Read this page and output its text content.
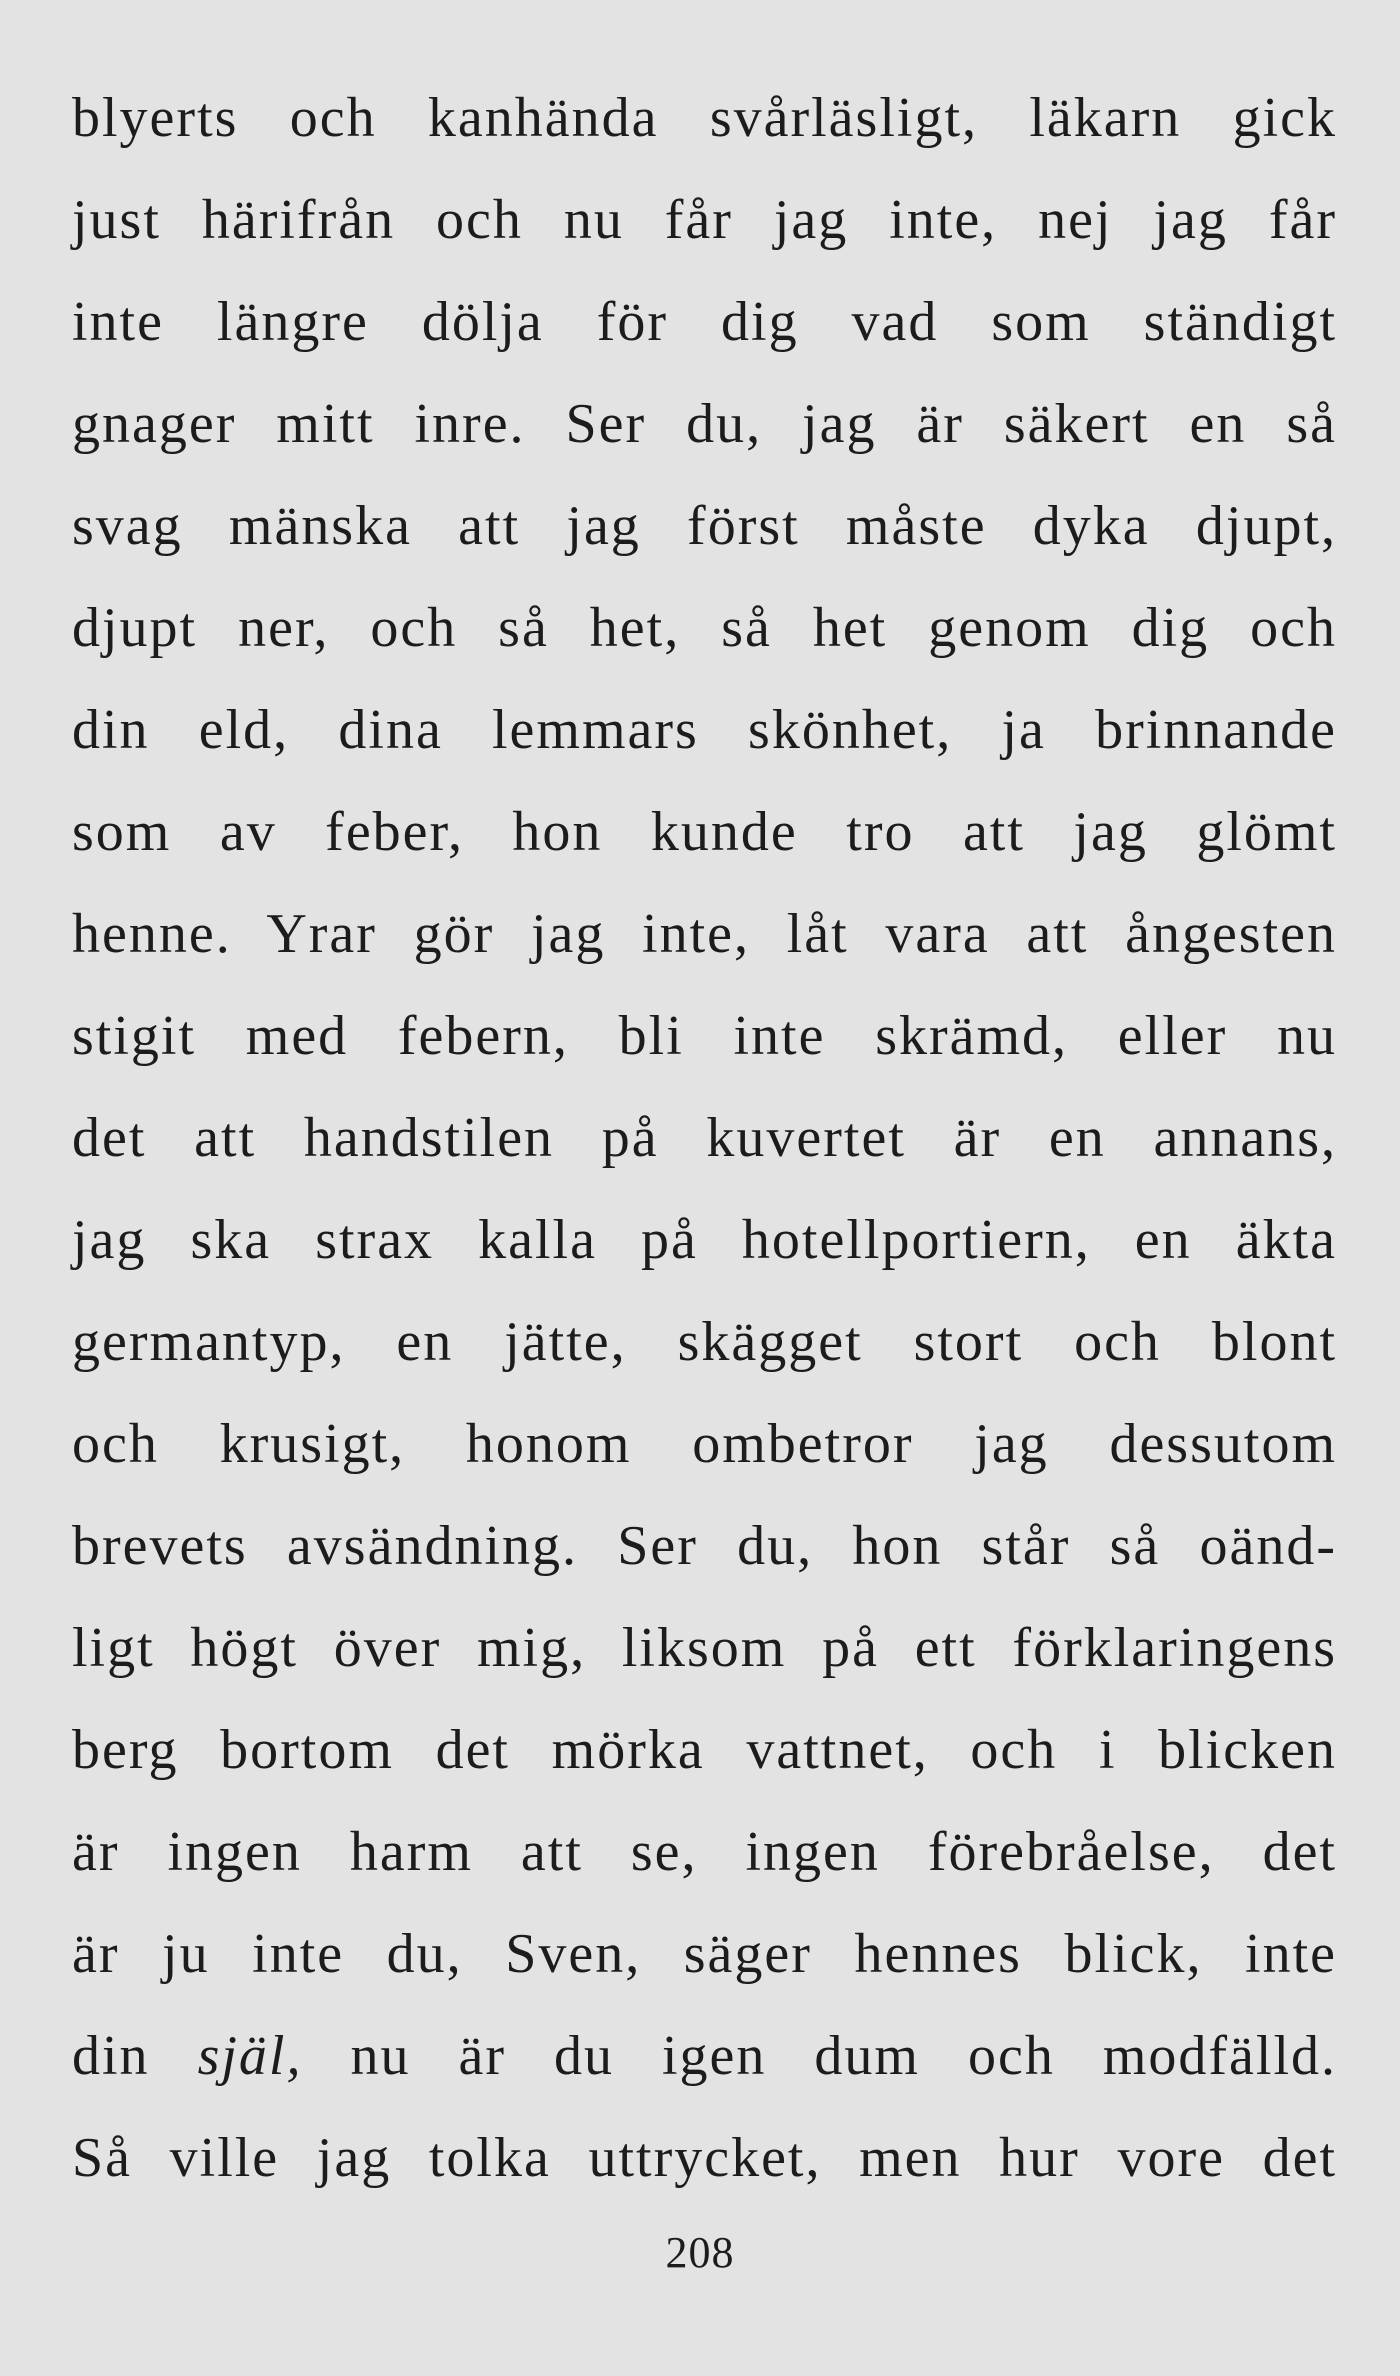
blyerts och kanhända svårläsligt, läkarn gick
just härifrån och nu får jag inte, nej jag får
inte längre dölja för dig vad som ständigt
gnager mitt inre. Ser du, jag är säkert en så
svag mänska att jag först måste dyka djupt,
djupt ner, och så het, så het genom dig och
din eld, dina lemmars skönhet, ja brinnande
som av feber, hon kunde tro att jag glömt
henne. Yrar gör jag inte, låt vara att ångesten
stigit med febern, bli inte skrämd, eller nu
det att handstilen på kuvertet är en annans,
jag ska strax kalla på hotellportiern, en äkta
germantyp, en jätte, skägget stort och blont
och krusigt, honom ombetror jag dessutom
brevets avsändning. Ser du, hon står så oänd-
ligt högt över mig, liksom på ett förklaringens
berg bortom det mörka vattnet, och i blicken
är ingen harm att se, ingen förebråelse, det
är ju inte du, Sven, säger hennes blick, inte
din själ, nu är du igen dum och modfälld.
Så ville jag tolka uttrycket, men hur vore det
208
